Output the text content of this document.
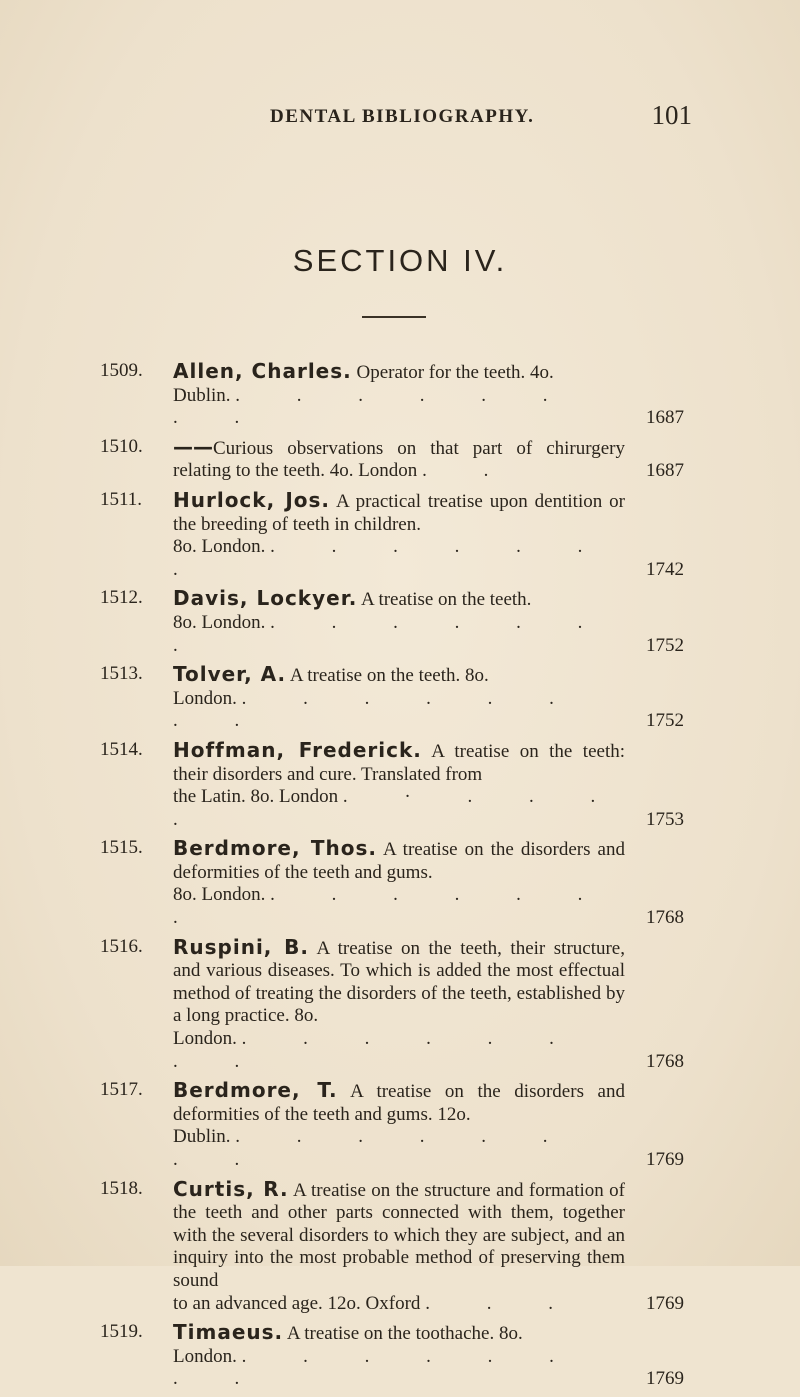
DENTAL BIBLIOGRAPHY.	101
SECTION IV.
1509. Allen, Charles. Operator for the teeth. 4o.
Dublin. . . . . . . . .	1687
1510. ——Curious observations on that part of chirurgery relating to the teeth. 4o. London . .	1687
1511. Hurlock, Jos. A practical treatise upon dentition or the breeding of teeth in children.
8o. London. . . . . . . .	1742
1512. Davis, Lockyer. A treatise on the teeth.
8o. London. . . . . . . .	1752
1513. Tolver, A. A treatise on the teeth. 8o.
London. . . . . . . . .	1752
1514. Hoffman, Frederick. A treatise on the teeth: their disorders and cure. Translated from
the Latin. 8o. London . · . . . .	1753
1515. Berdmore, Thos. A treatise on the disorders and deformities of the teeth and gums.
8o. London. . . . . . . .	1768
1516. Ruspini, B. A treatise on the teeth, their structure, and various diseases. To which is added the most effectual method of treating the disorders of the teeth, established by a long practice. 8o.
London. . . . . . . . .	1768
1517. Berdmore, T. A treatise on the disorders and deformities of the teeth and gums. 12o.
Dublin. . . . . . . . .	1769
1518. Curtis, R. A treatise on the structure and formation of the teeth and other parts connected with them, together with the several disorders to which they are subject, and an inquiry into the most probable method of preserving them sound
to an advanced age. 12o. Oxford . . .	1769
1519. Timaeus. A treatise on the toothache. 8o.
London. . . . . . . . .	1769
